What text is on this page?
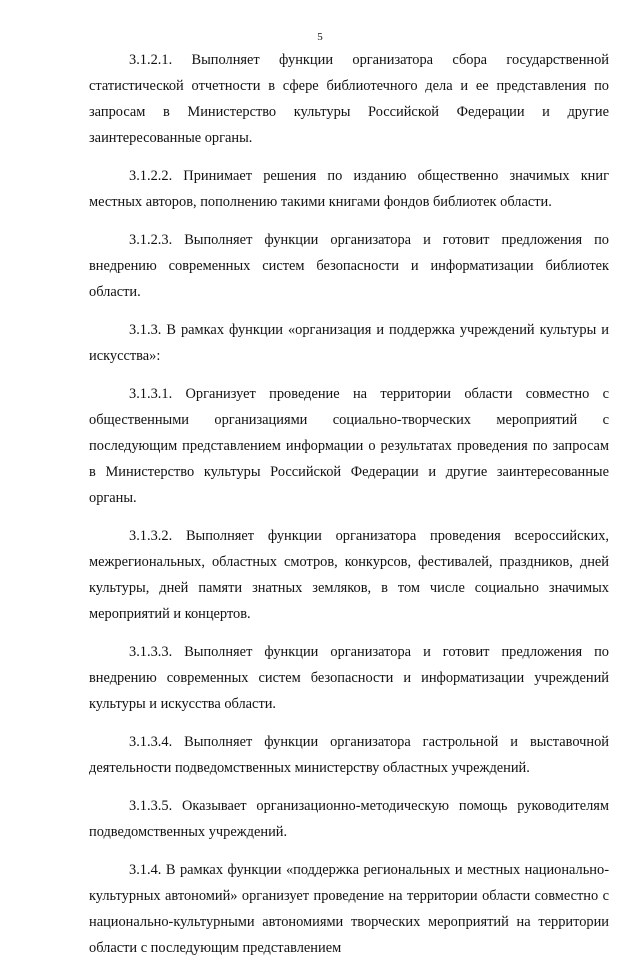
5

3.1.2.1. Выполняет функции организатора сбора государственной статистической отчетности в сфере библиотечного дела и ее представления по запросам в Министерство культуры Российской Федерации и другие заинтересованные органы.

3.1.2.2. Принимает решения по изданию общественно значимых книг местных авторов, пополнению такими книгами фондов библиотек области.

3.1.2.3. Выполняет функции организатора и готовит предложения по внедрению современных систем безопасности и информатизации библиотек области.

3.1.3. В рамках функции «организация и поддержка учреждений культуры и искусства»:

3.1.3.1. Организует проведение на территории области совместно с общественными организациями социально-творческих мероприятий с последующим представлением информации о результатах проведения по запросам в Министерство культуры Российской Федерации и другие заинтересованные органы.

3.1.3.2. Выполняет функции организатора проведения всероссийских, межрегиональных, областных смотров, конкурсов, фестивалей, праздников, дней культуры, дней памяти знатных земляков, в том числе социально значимых мероприятий и концертов.

3.1.3.3. Выполняет функции организатора и готовит предложения по внедрению современных систем безопасности и информатизации учреждений культуры и искусства области.

3.1.3.4. Выполняет функции организатора гастрольной и выставочной деятельности подведомственных министерству областных учреждений.

3.1.3.5. Оказывает организационно-методическую помощь руководителям подведомственных учреждений.

3.1.4. В рамках функции «поддержка региональных и местных национально-культурных автономий» организует проведение на территории области совместно с национально-культурными автономиями творческих мероприятий на территории области с последующим представлением
